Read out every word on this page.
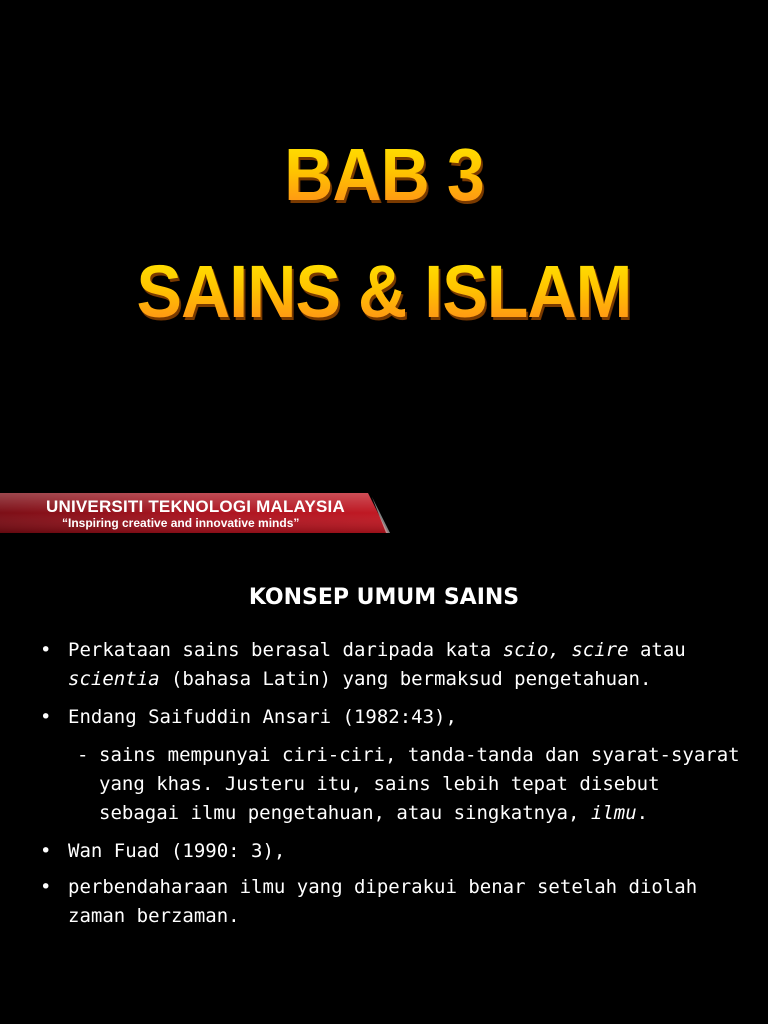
BAB 3
SAINS & ISLAM
UNIVERSITI TEKNOLOGI MALAYSIA
“Inspiring creative and innovative minds”
KONSEP UMUM SAINS
• Perkataan sains berasal daripada kata scio, scire atau
scientia (bahasa Latin) yang bermaksud pengetahuan.
• Endang Saifuddin Ansari (1982:43),
- sains mempunyai ciri-ciri, tanda-tanda dan syarat-syarat yang khas. Justeru itu, sains lebih tepat disebut sebagai ilmu pengetahuan, atau singkatnya, ilmu.
• Wan Fuad (1990: 3),
• perbendaharaan ilmu yang diperakui benar setelah diolah zaman berzaman.
